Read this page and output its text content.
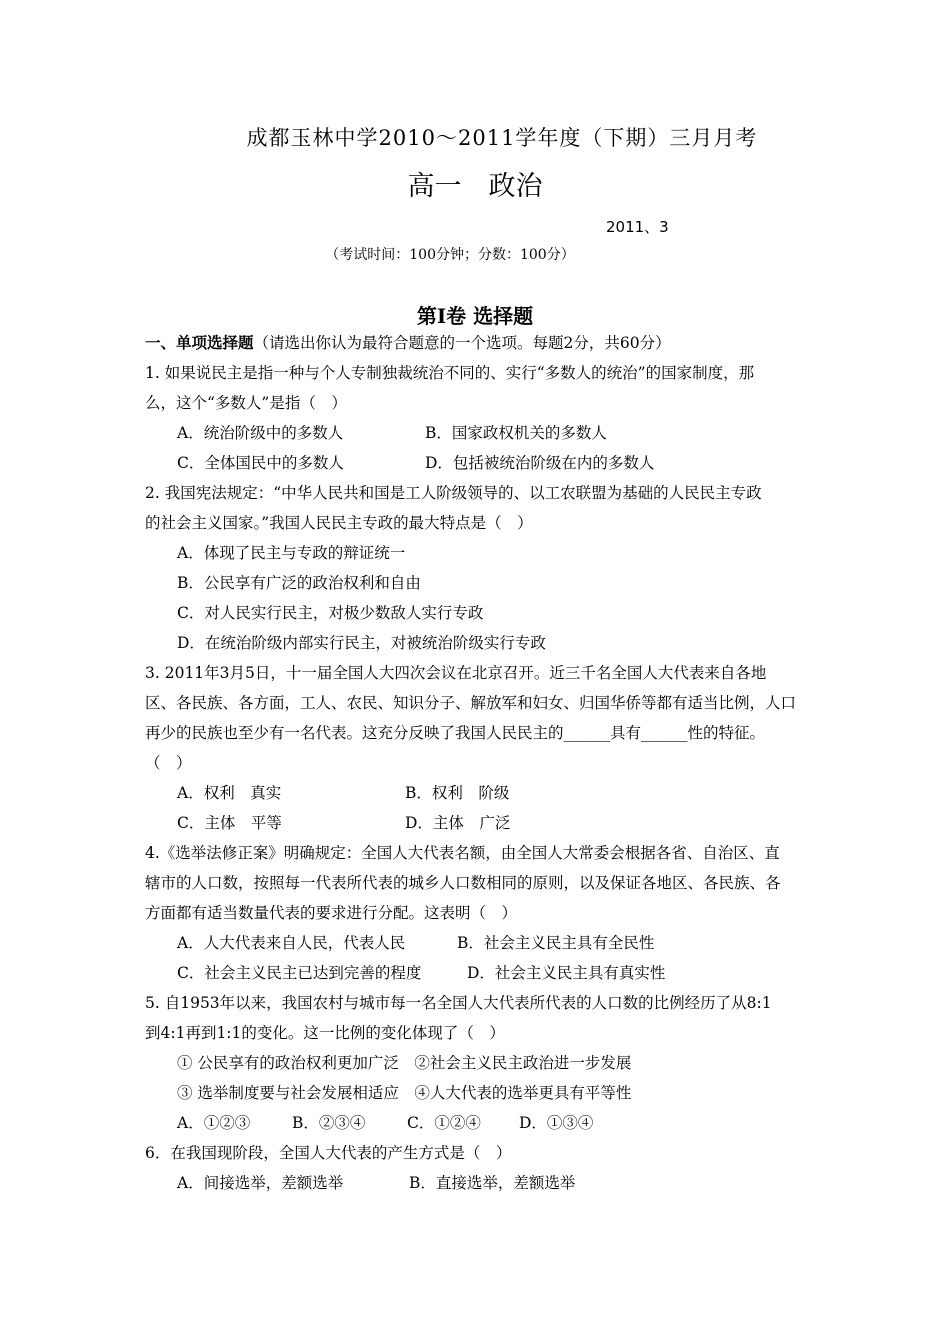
成都玉林中学2010～2011学年度（下期）三月月考
高一　政治
2011、3
（考试时间：100分钟；分数：100分）
第I卷 选择题
一、单项选择题（请选出你认为最符合题意的一个选项。每题2分，共60分）
1. 如果说民主是指一种与个人专制独裁统治不同的、实行“多数人的统治”的国家制度，那
么，这个“多数人”是指（　）
A．统治阶级中的多数人	B．国家政权机关的多数人
C．全体国民中的多数人	D．包括被统治阶级在内的多数人
2. 我国宪法规定：“中华人民共和国是工人阶级领导的、以工农联盟为基础的人民民主专政
的社会主义国家。”我国人民民主专政的最大特点是（　）
A．体现了民主与专政的辩证统一
B．公民享有广泛的政治权利和自由
C．对人民实行民主，对极少数敌人实行专政
D．在统治阶级内部实行民主，对被统治阶级实行专政
3. 2011年3月5日，十一届全国人大四次会议在北京召开。近三千名全国人大代表来自各地
区、各民族、各方面，工人、农民、知识分子、解放军和妇女、归国华侨等都有适当比例，人口
再少的民族也至少有一名代表。这充分反映了我国人民民主的______具有______性的特征。
（　）
A．权利　真实	B．权利　阶级
C．主体　平等	D．主体　广泛
4.《选举法修正案》明确规定：全国人大代表名额，由全国人大常委会根据各省、自治区、直
辖市的人口数，按照每一代表所代表的城乡人口数相同的原则，以及保证各地区、各民族、各
方面都有适当数量代表的要求进行分配。这表明（　）
A．人大代表来自人民，代表人民	B．社会主义民主具有全民性
C．社会主义民主已达到完善的程度	D．社会主义民主具有真实性
5. 自1953年以来，我国农村与城市每一名全国人大代表所代表的人口数的比例经历了从8:1
到4:1再到1:1的变化。这一比例的变化体现了（　）
① 公民享有的政治权利更加广泛　②社会主义民主政治进一步发展
③ 选举制度要与社会发展相适应　④人大代表的选举更具有平等性
A．①②③	B．②③④	C．①②④	D．①③④
6．在我国现阶段，全国人大代表的产生方式是（　）
A．间接选举，差额选举	B．直接选举，差额选举
